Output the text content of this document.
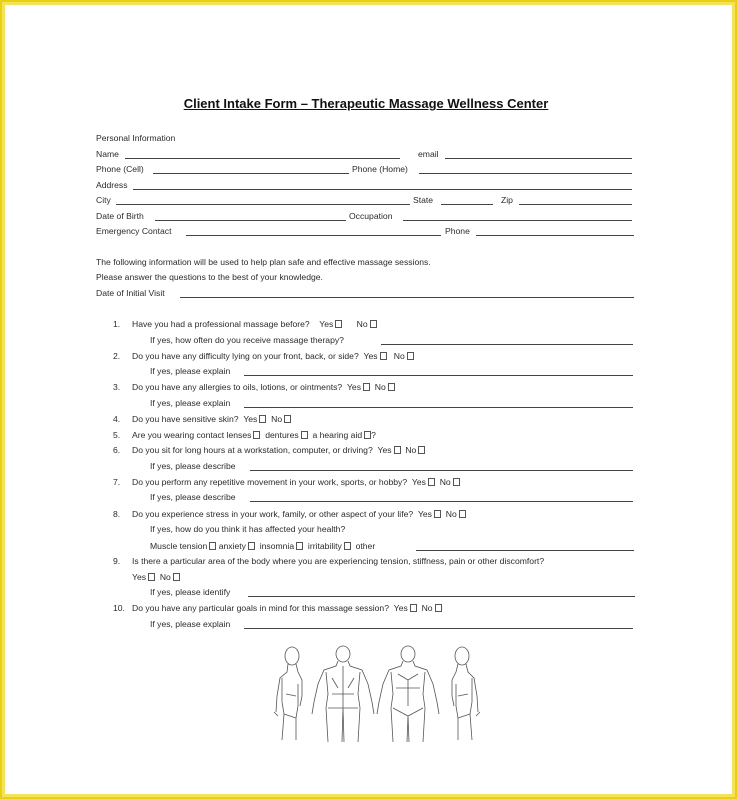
Client Intake Form – Therapeutic Massage Wellness Center
Personal Information
Name	email
Phone (Cell)	Phone (Home)
Address
City	State	Zip
Date of Birth	Occupation
Emergency Contact	Phone
The following information will be used to help plan safe and effective massage sessions.
Please answer the questions to the best of your knowledge.
Date of Initial Visit
1. Have you had a professional massage before? Yes	No
If yes, how often do you receive massage therapy?
2. Do you have any difficulty lying on your front, back, or side? Yes No
If yes, please explain
3. Do you have any allergies to oils, lotions, or ointments? Yes No
If yes, please explain
4. Do you have sensitive skin? Yes No
5. Are you wearing contact lenses dentures a hearing aid ?
6. Do you sit for long hours at a workstation, computer, or driving? Yes No
If yes, please describe
7. Do you perform any repetitive movement in your work, sports, or hobby? Yes No
If yes, please describe
8. Do you experience stress in your work, family, or other aspect of your life? Yes No
If yes, how do you think it has affected your health?
Muscle tension anxiety insomnia irritability other
9. Is there a particular area of the body where you are experiencing tension, stiffness, pain or other discomfort?
Yes No
If yes, please identify
10. Do you have any particular goals in mind for this massage session? Yes No
If yes, please explain
